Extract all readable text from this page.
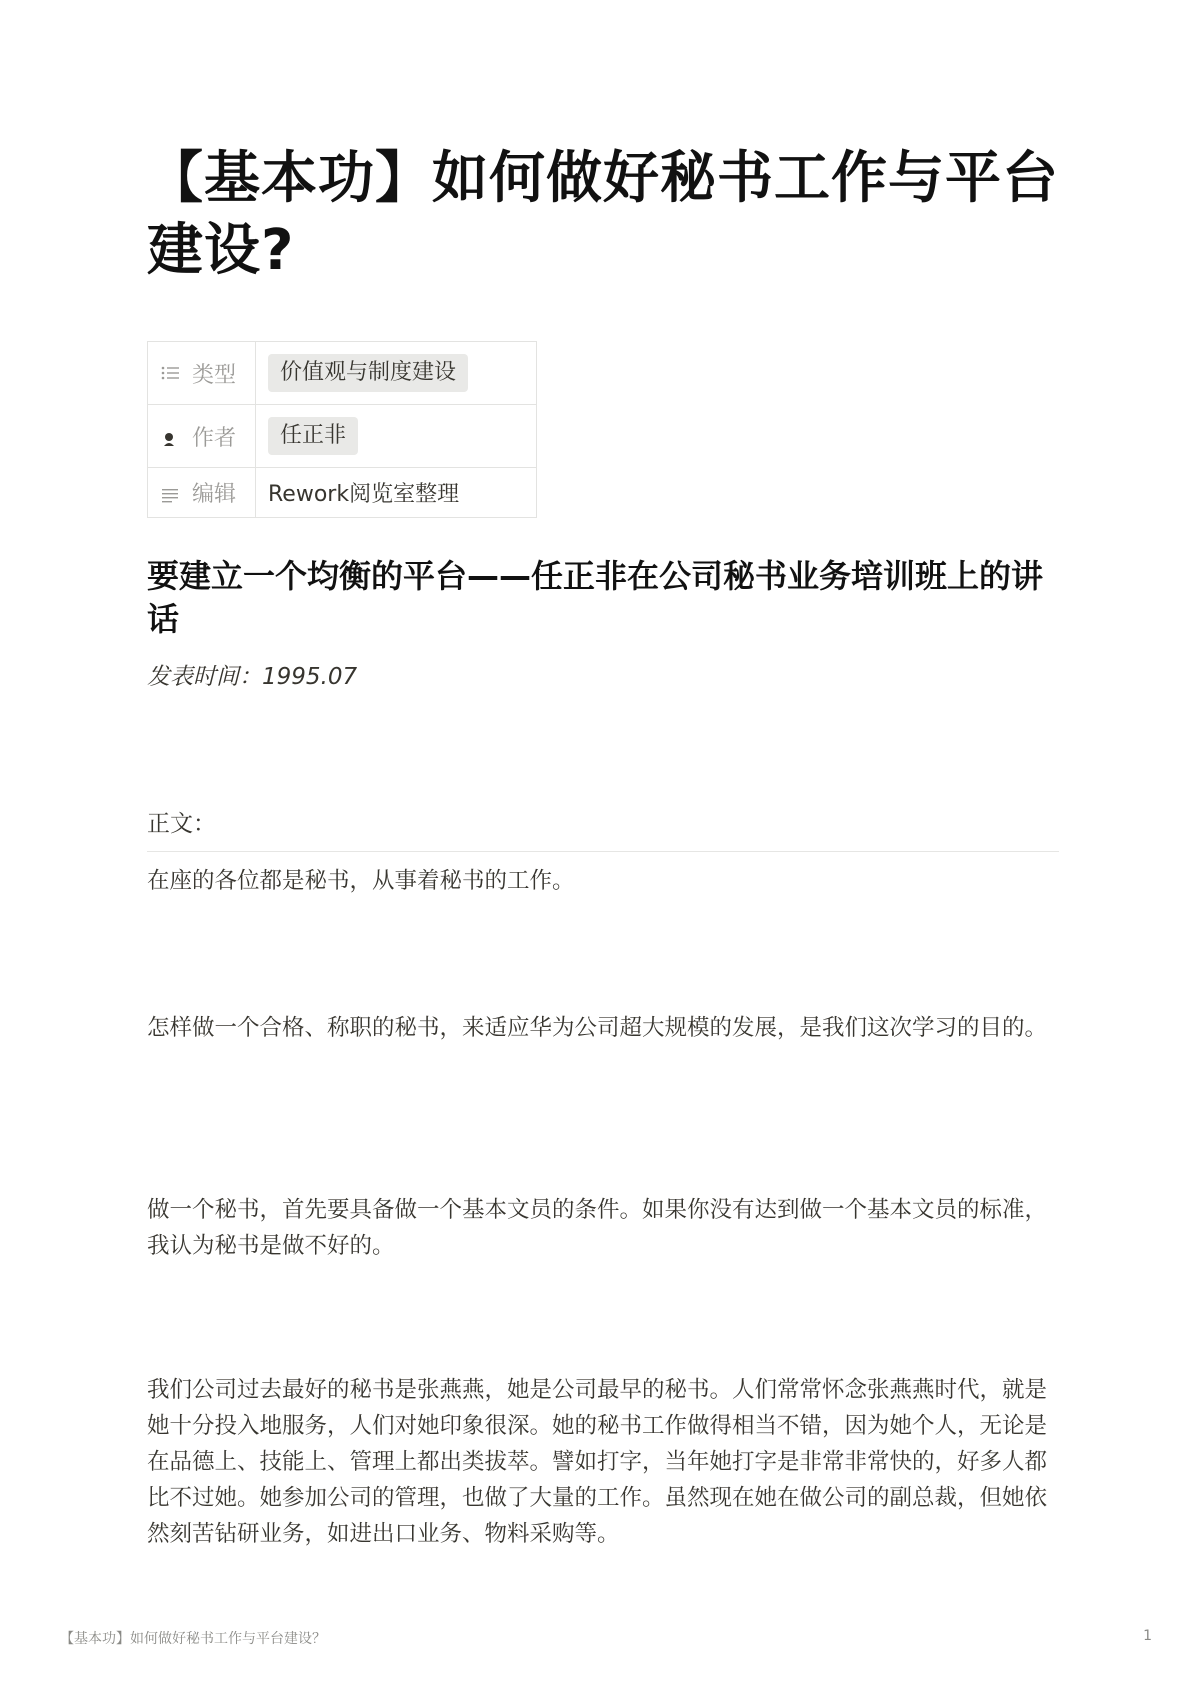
【基本功】如何做好秘书工作与平台建设?
类型	价值观与制度建设

作者	任正非

编辑	Rework阅览室整理
要建立一个均衡的平台——任正非在公司秘书业务培训班上的讲话

发表时间：1995.07

正文：

在座的各位都是秘书，从事着秘书的工作。

怎样做一个合格、称职的秘书，来适应华为公司超大规模的发展，是我们这次学习的目的。

做一个秘书，首先要具备做一个基本文员的条件。如果你没有达到做一个基本文员的标准，我认为秘书是做不好的。

我们公司过去最好的秘书是张燕燕，她是公司最早的秘书。人们常常怀念张燕燕时代，就是她十分投入地服务，人们对她印象很深。她的秘书工作做得相当不错，因为她个人，无论是在品德上、技能上、管理上都出类拔萃。譬如打字，当年她打字是非常非常快的，好多人都比不过她。她参加公司的管理，也做了大量的工作。虽然现在她在做公司的副总裁，但她依然刻苦钻研业务，如进出口业务、物料采购等。

【基本功】如何做好秘书工作与平台建设？	1
